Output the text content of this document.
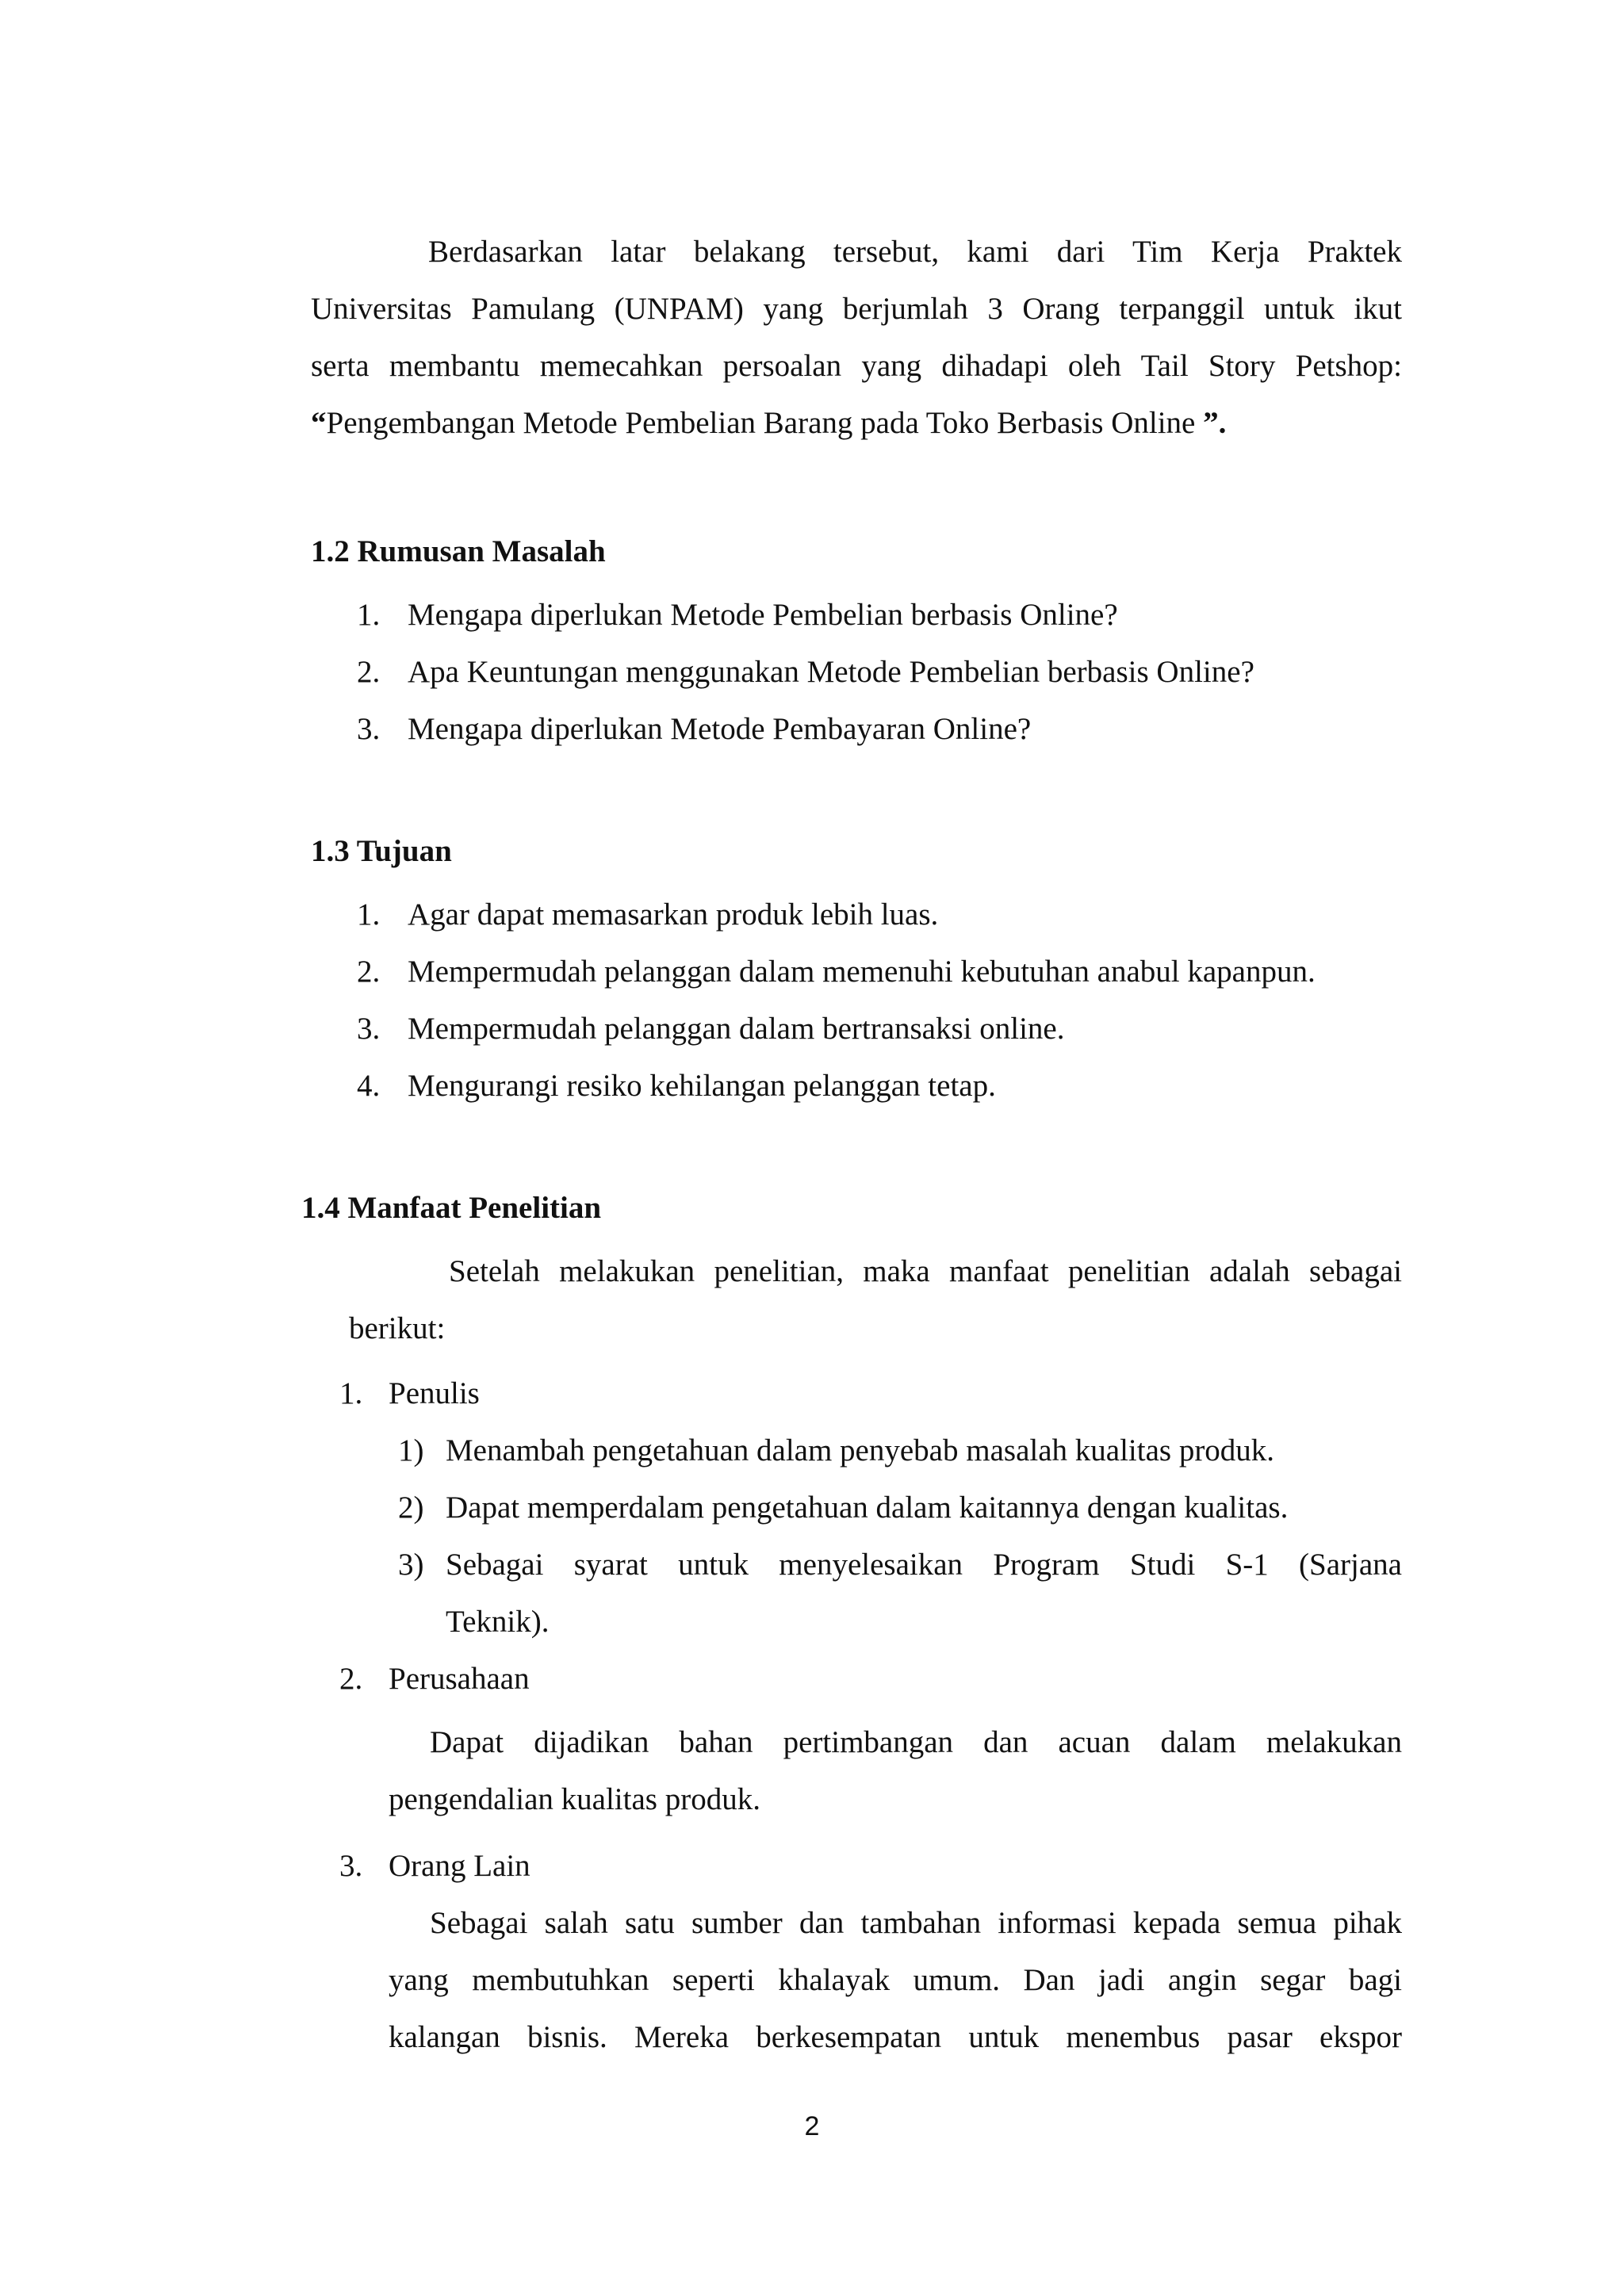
Berdasarkan latar belakang tersebut, kami dari Tim Kerja Praktek
Universitas Pamulang (UNPAM) yang berjumlah 3 Orang terpanggil untuk ikut
serta membantu memecahkan persoalan yang dihadapi oleh Tail Story Petshop:
“Pengembangan Metode Pembelian Barang pada Toko Berbasis Online ”.
1.2 Rumusan Masalah
1. Mengapa diperlukan Metode Pembelian berbasis Online?
2. Apa Keuntungan menggunakan Metode Pembelian berbasis Online?
3. Mengapa diperlukan Metode Pembayaran Online?
1.3 Tujuan
1. Agar dapat memasarkan produk lebih luas.
2. Mempermudah pelanggan dalam memenuhi kebutuhan anabul kapanpun.
3. Mempermudah pelanggan dalam bertransaksi online.
4. Mengurangi resiko kehilangan pelanggan tetap.
1.4 Manfaat Penelitian
Setelah melakukan penelitian, maka manfaat penelitian adalah sebagai
berikut:
1. Penulis
1) Menambah pengetahuan dalam penyebab masalah kualitas produk.
2) Dapat memperdalam pengetahuan dalam kaitannya dengan kualitas.
3) Sebagai syarat untuk menyelesaikan Program Studi S-1 (Sarjana
Teknik).
2. Perusahaan
Dapat dijadikan bahan pertimbangan dan acuan dalam melakukan
pengendalian kualitas produk.
3. Orang Lain
Sebagai salah satu sumber dan tambahan informasi kepada semua pihak
yang membutuhkan seperti khalayak umum. Dan jadi angin segar bagi
kalangan bisnis. Mereka berkesempatan untuk menembus pasar ekspor
2
